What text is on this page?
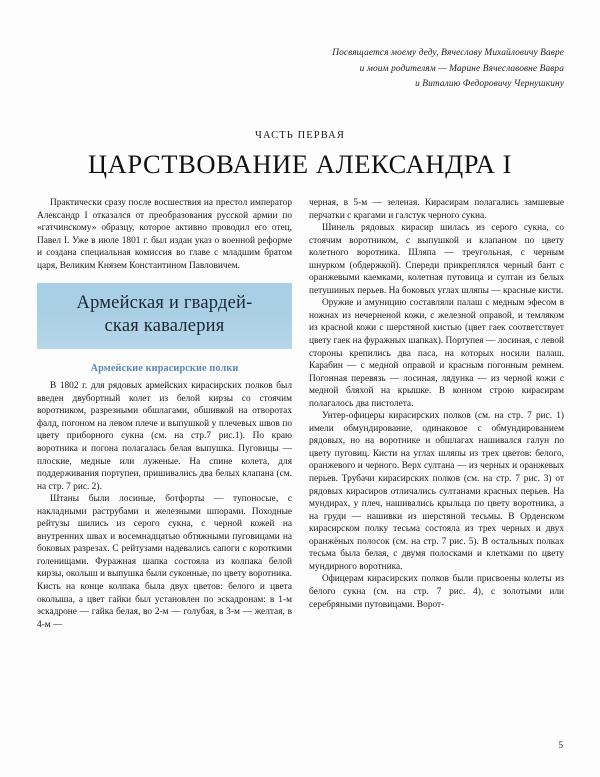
Посвящается моему деду, Вячеславу Михайловичу Вавре
и моим родителям — Марине Вячеславовне Вавра
и Виталию Федоровичу Чернушкину
ЧАСТЬ ПЕРВАЯ
ЦАРСТВОВАНИЕ АЛЕКСАНДРА I

Практически сразу после восшествия на престол император Александр I отказался от преобразования русской армии по «гатчинскому» образцу, которое активно проводил его отец, Павел I. Уже в июле 1801 г. был издан указ о военной реформе и создана специальная комиссия во главе с младшим братом царя, Великим Князем Константином Павловичем.

Армейская и гвардей-
ская кавалерия
Армейские кирасирские полки

В 1802 г. для рядовых армейских кирасирских полков был введен двубортный колет из белой кирзы со стоячим воротником, разрезными обшлагами, обшивкой на отворотах фалд, погоном на левом плече и выпушкой у плечевых швов по цвету приборного сукна (см. на стр.7 рис.1). По краю воротника и погона полагалась белая выпушка. Пуговицы — плоские, медные или луженые. На спине колета, для поддерживания портупеи, пришивались два белых клапана (см. на стр. 7 рис. 2).

Штаны были лосиные, ботфорты — тупоносые, с накладными раструбами и железными шпорами. Походные рейтузы шились из серого сукна, с черной кожей на внутренних швах и восемнадцатью обтяжными пуговицами на боковых разрезах. С рейтузами надевались сапоги с короткими голенищами. Фуражная шапка состояла из колпака белой кирзы, околыш и выпушка были суконные, по цвету воротника. Кисть на конце колпака была двух цветов: белого и цвета околыша, а цвет гайки был установлен по эскадронам: в 1-м эскадроне — гайка белая, во 2-м — голубая, в 3-м — желтая, в 4-м —

черная, в 5-м — зеленая. Кирасирам полагались замшевые перчатки с крагами и галстук черного сукна.

Шинель рядовых кирасир шилась из серого сукна, со стоячим воротником, с выпушкой и клапаном по цвету колетного воротника. Шляпа — треугольная, с черным шнурком (обдержкой). Спереди прикреплялся черный бант с оранжевыми каемками, колетная путовица и султан из белых петушиных перьев. На боковых углах шляпы — красные кисти.

Оружие и амуницию составляли палаш с медным эфесом в ножнах из нечерненой кожи, с железной оправой, и темляком из красной кожи с шерстяной кистью (цвет гаек соответствует цвету гаек на фуражных шапках). Портупея — лосиная, с левой стороны крепились два паса, на которых носили палаш. Карабин — с медной оправой и красным погонным ремнем. Погонная перевязь — лосиная, лядунка — из черной кожи с медной бляхой на крышке. В конном строю кирасирам полагалось два пистолета.

Унтер-офицеры кирасирских полков (см. на стр. 7 рис. 1) имели обмундирование, одинаковое с обмундированием рядовых, но на воротнике и обшлагах нашивался галун по цвету пуговиц. Кисти на углах шляпы из трех цветов: белого, оранжевого и черного. Верх султана — из черных и оранжевых перьев. Трубачи кирасирских полков (см. на стр. 7 рис. 3) от рядовых кирасиров отличались султанами красных перьев. На мундирах, у плеч, нашивались крыльца по цвету воротника, а на груди — нашивки из шерстяной тесьмы. В Орденском кирасирском полку тесьма состояла из трех черных и двух оранжёных полосок (см. на стр. 7 рис. 5). В остальных полках тесьма была белая, с двумя полосками и клетками по цвету мундирного воротника.

Офицерам кирасирских полков были присвоены колеты из белого сукна (см. на стр. 7 рис. 4), с золотыми или серебряными путовицами. Ворот-

5
